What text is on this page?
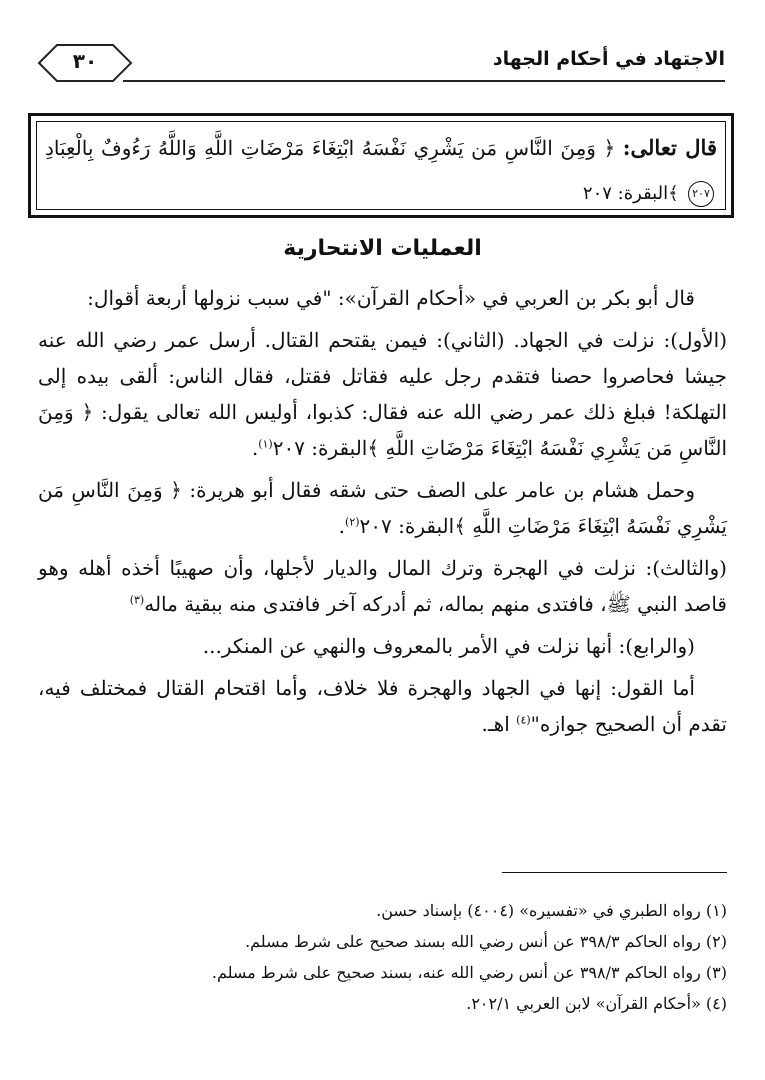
الاجتهاد في أحكام الجهاد
٣٠
قال تعالى: ﴿ وَمِنَ النَّاسِ مَن يَشْرِي نَفْسَهُ ابْتِغَاءَ مَرْضَاتِ اللَّهِ وَاللَّهُ رَءُوفٌ بِالْعِبَادِ ٢٠٧ ﴾البقرة: ٢٠٧
العمليات الانتحارية

قال أبو بكر بن العربي في «أحكام القرآن»: "في سبب نزولها أربعة أقوال:

(الأول): نزلت في الجهاد. (الثاني): فيمن يقتحم القتال. أرسل عمر رضي الله عنه جيشا فحاصروا حصنا فتقدم رجل عليه فقاتل فقتل، فقال الناس: ألقى بيده إلى التهلكة! فبلغ ذلك عمر رضي الله عنه فقال: كذبوا، أوليس الله تعالى يقول: ﴿ وَمِنَ النَّاسِ مَن يَشْرِي نَفْسَهُ ابْتِغَاءَ مَرْضَاتِ اللَّهِ ﴾البقرة: ٢٠٧$^{(١)}$.

وحمل هشام بن عامر على الصف حتى شقه فقال أبو هريرة: ﴿ وَمِنَ النَّاسِ مَن يَشْرِي نَفْسَهُ ابْتِغَاءَ مَرْضَاتِ اللَّهِ ﴾البقرة: ٢٠٧$^{(٢)}$.

(والثالث): نزلت في الهجرة وترك المال والديار لأجلها، وأن صهيبًا أخذه أهله وهو قاصد النبي ﷺ، فافتدى منهم بماله، ثم أدركه آخر فافتدى منه ببقية ماله$^{(٣)}$

(والرابع): أنها نزلت في الأمر بالمعروف والنهي عن المنكر...

أما القول: إنها في الجهاد والهجرة فلا خلاف، وأما اقتحام القتال فمختلف فيه، تقدم أن الصحيح جوازه"$^{(٤)}$ اهـ.

(١) رواه الطبري في «تفسيره» (٤٠٠٤) بإسناد حسن.
(٢) رواه الحاكم ٣٩٨/٣ عن أنس رضي الله بسند صحيح على شرط مسلم.
(٣) رواه الحاكم ٣٩٨/٣ عن أنس رضي الله عنه، بسند صحيح على شرط مسلم.
(٤) «أحكام القرآن» لابن العربي ٢٠٢/١.
